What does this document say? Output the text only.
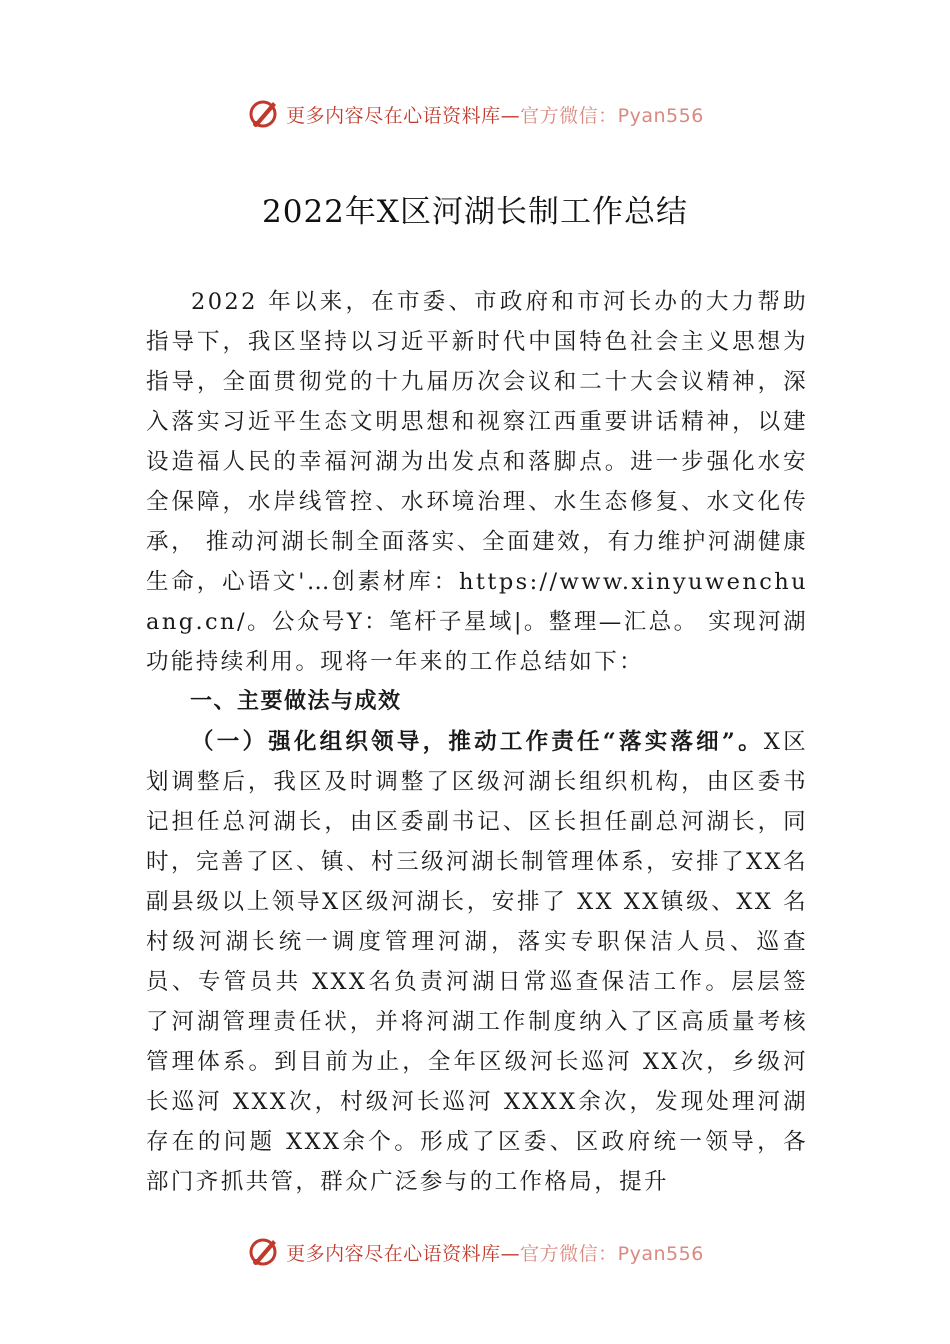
更多内容尽在心语资料库—官方微信：Pyan556
2022年X区河湖长制工作总结

2022 年以来，在市委、市政府和市河长办的大力帮助指导下，我区坚持以习近平新时代中国特色社会主义思想为指导，全面贯彻党的十九届历次会议和二十大会议精神，深入落实习近平生态文明思想和视察江西重要讲话精神，以建设造福人民的幸福河湖为出发点和落脚点。进一步强化水安全保障，水岸线管控、水环境治理、水生态修复、水文化传承， 推动河湖长制全面落实、全面建效，有力维护河湖健康生命，心语文'…创素材库：https://www.xinyuwenchuang.cn/。公众号Y：笔杆子星域|。整理—汇总。 实现河湖功能持续利用。现将一年来的工作总结如下：

一、主要做法与成效

（一）强化组织领导，推动工作责任“落实落细”。X区划调整后，我区及时调整了区级河湖长组织机构，由区委书记担任总河湖长，由区委副书记、区长担任副总河湖长，同时，完善了区、镇、村三级河湖长制管理体系，安排了XX名副县级以上领导X区级河湖长，安排了 XX XX镇级、XX 名村级河湖长统一调度管理河湖，落实专职保洁人员、巡查员、专管员共 XXX名负责河湖日常巡查保洁工作。层层签了河湖管理责任状，并将河湖工作制度纳入了区高质量考核管理体系。到目前为止，全年区级河长巡河 XX次，乡级河长巡河 XXX次，村级河长巡河 XXXX余次，发现处理河湖存在的问题 XXX余个。形成了区委、区政府统一领导，各部门齐抓共管，群众广泛参与的工作格局，提升

更多内容尽在心语资料库—官方微信：Pyan556
